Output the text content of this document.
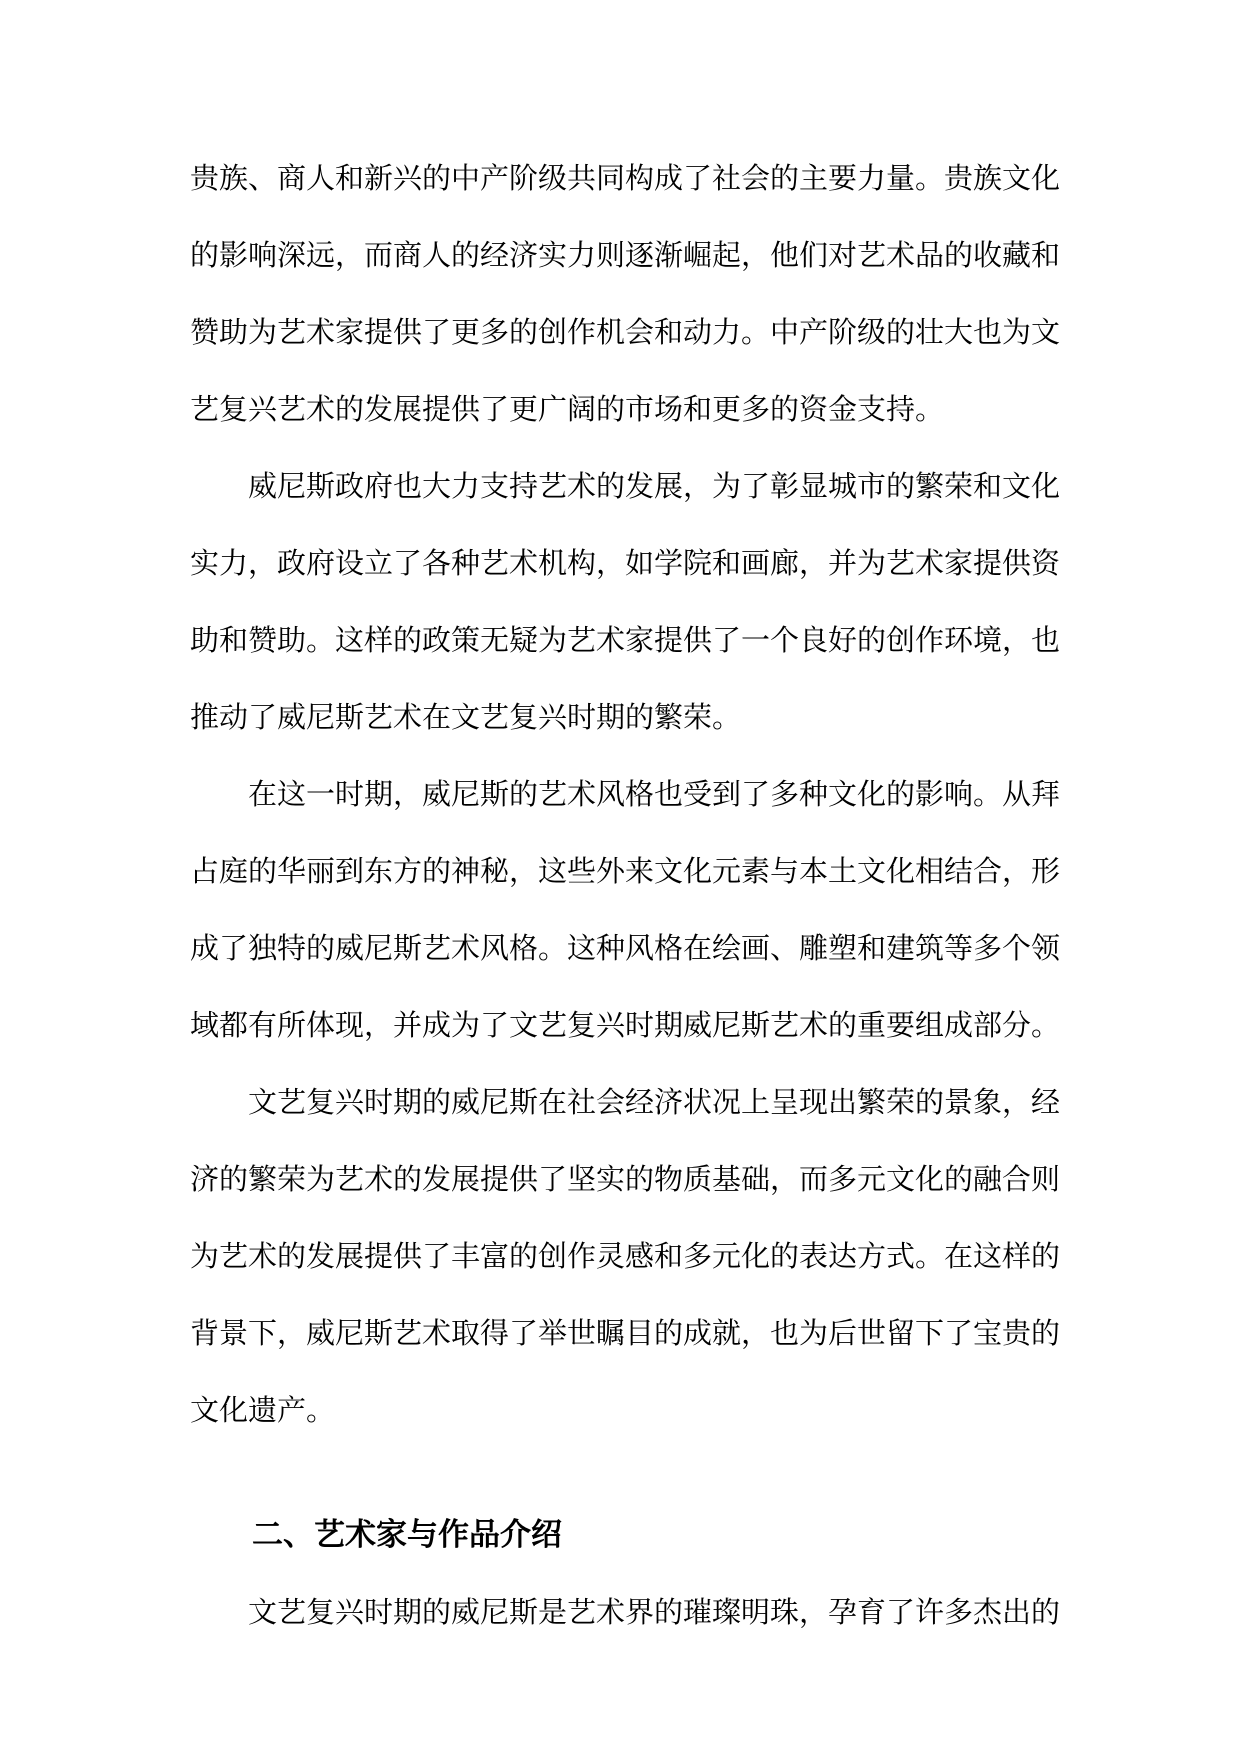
贵族、商人和新兴的中产阶级共同构成了社会的主要力量。贵族文化
的影响深远，而商人的经济实力则逐渐崛起，他们对艺术品的收藏和
赞助为艺术家提供了更多的创作机会和动力。中产阶级的壮大也为文
艺复兴艺术的发展提供了更广阔的市场和更多的资金支持。
威尼斯政府也大力支持艺术的发展，为了彰显城市的繁荣和文化
实力，政府设立了各种艺术机构，如学院和画廊，并为艺术家提供资
助和赞助。这样的政策无疑为艺术家提供了一个良好的创作环境，也
推动了威尼斯艺术在文艺复兴时期的繁荣。
在这一时期，威尼斯的艺术风格也受到了多种文化的影响。从拜
占庭的华丽到东方的神秘，这些外来文化元素与本土文化相结合，形
成了独特的威尼斯艺术风格。这种风格在绘画、雕塑和建筑等多个领
域都有所体现，并成为了文艺复兴时期威尼斯艺术的重要组成部分。
文艺复兴时期的威尼斯在社会经济状况上呈现出繁荣的景象，经
济的繁荣为艺术的发展提供了坚实的物质基础，而多元文化的融合则
为艺术的发展提供了丰富的创作灵感和多元化的表达方式。在这样的
背景下，威尼斯艺术取得了举世瞩目的成就，也为后世留下了宝贵的
文化遗产。
二、艺术家与作品介绍
文艺复兴时期的威尼斯是艺术界的璀璨明珠，孕育了许多杰出的
